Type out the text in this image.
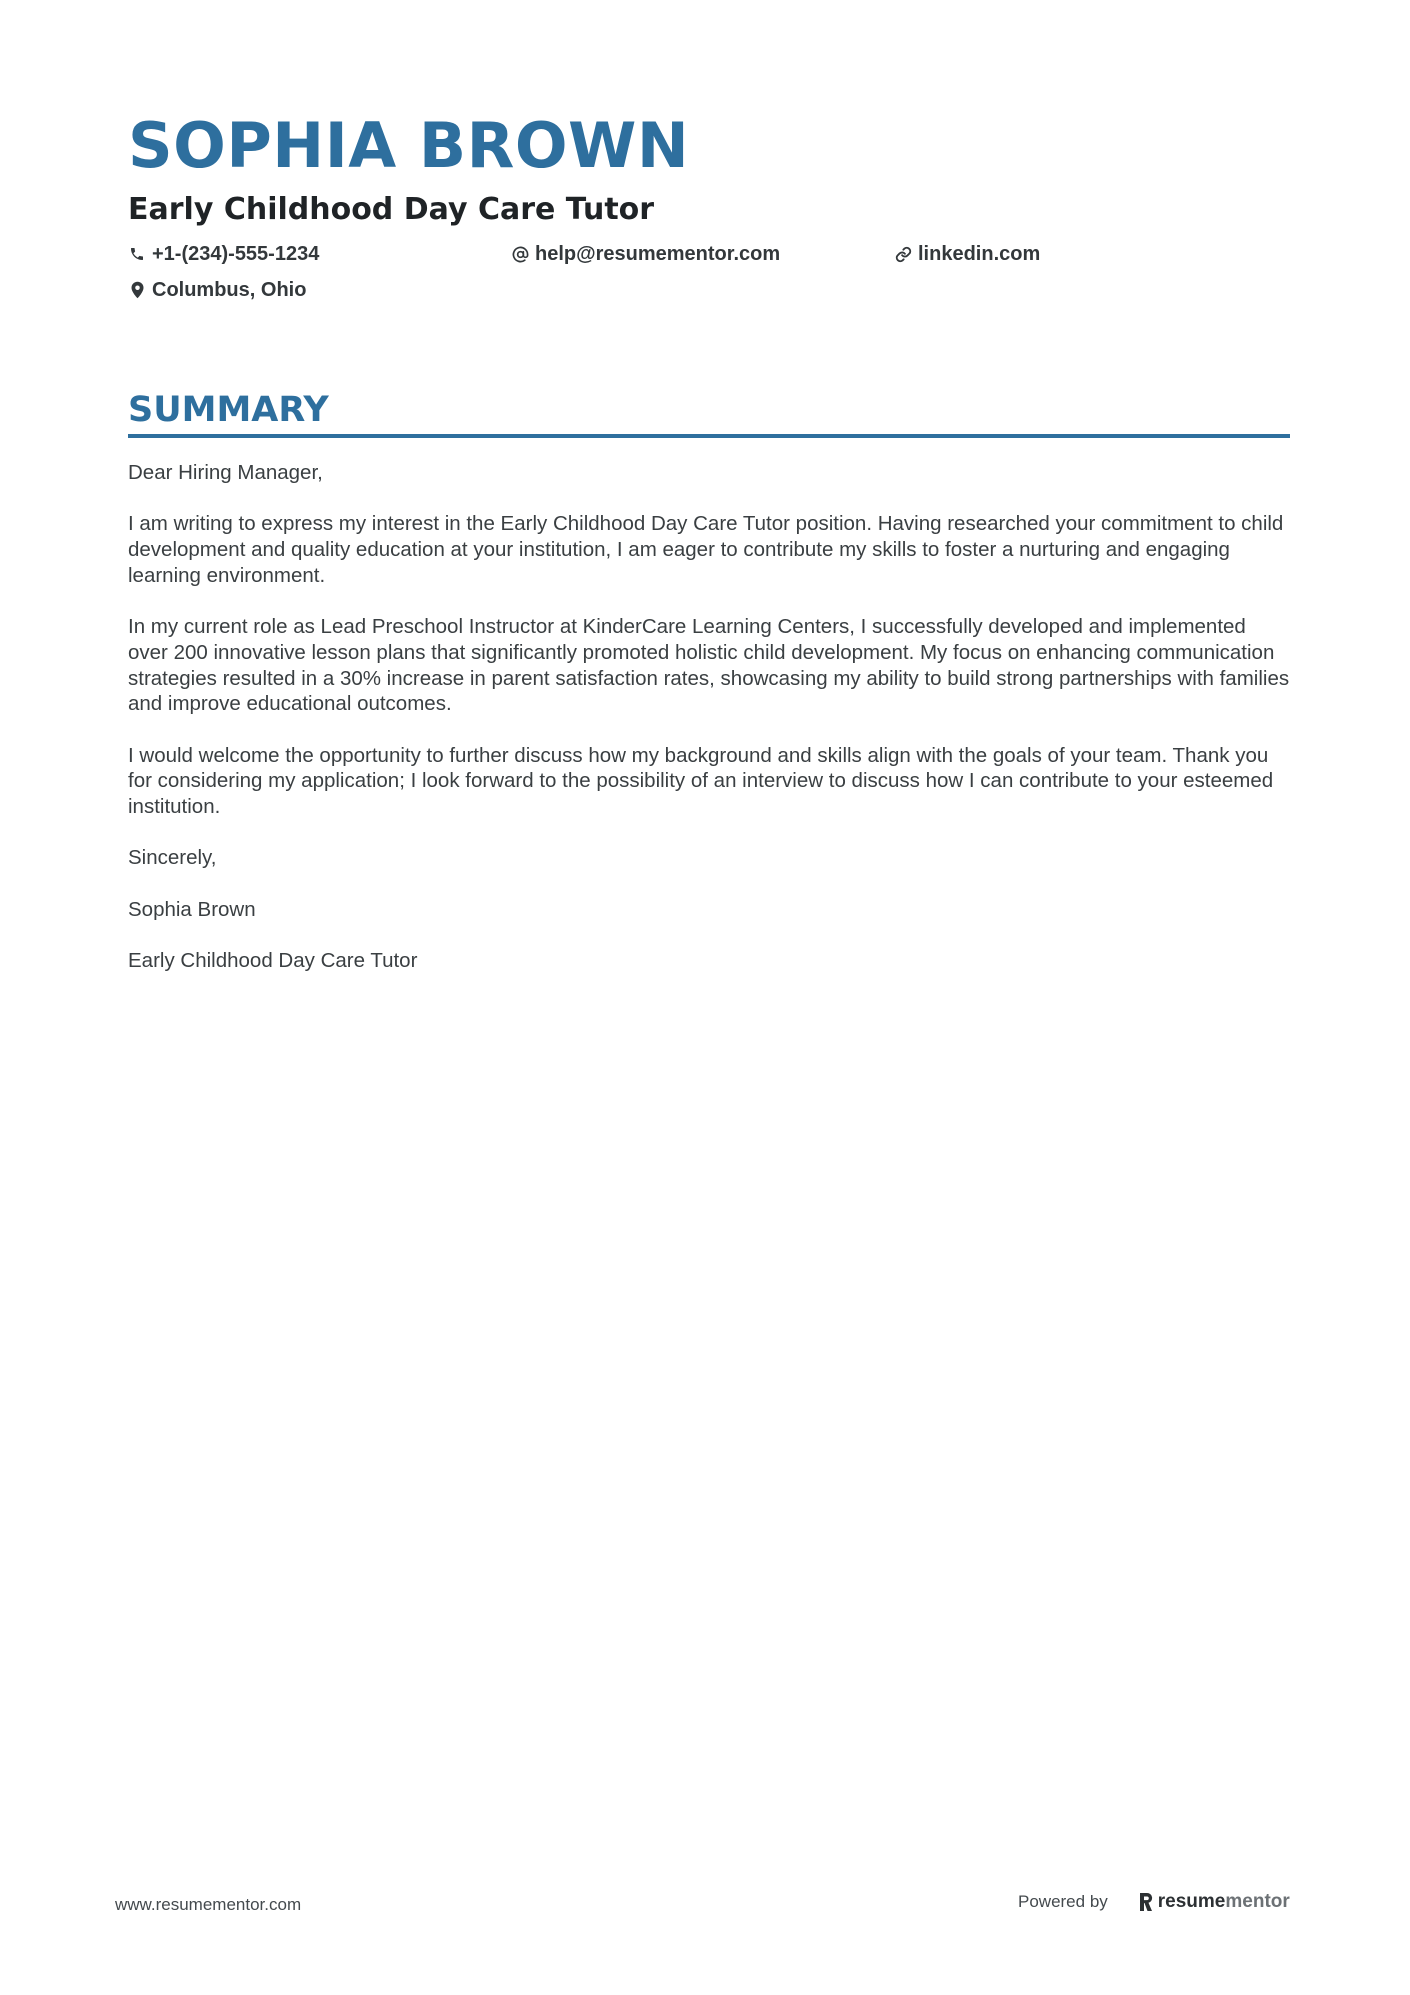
SOPHIA BROWN
Early Childhood Day Care Tutor
+1-(234)-555-1234	help@resumementor.com	linkedin.com
Columbus, Ohio
SUMMARY

Dear Hiring Manager,

I am writing to express my interest in the Early Childhood Day Care Tutor position. Having researched your commitment to child development and quality education at your institution, I am eager to contribute my skills to foster a nurturing and engaging learning environment.

In my current role as Lead Preschool Instructor at KinderCare Learning Centers, I successfully developed and implemented over 200 innovative lesson plans that significantly promoted holistic child development. My focus on enhancing communication strategies resulted in a 30% increase in parent satisfaction rates, showcasing my ability to build strong partnerships with families and improve educational outcomes.

I would welcome the opportunity to further discuss how my background and skills align with the goals of your team. Thank you for considering my application; I look forward to the possibility of an interview to discuss how I can contribute to your esteemed institution.

Sincerely,

Sophia Brown

Early Childhood Day Care Tutor

www.resumementor.com	Powered by	resume mentor
